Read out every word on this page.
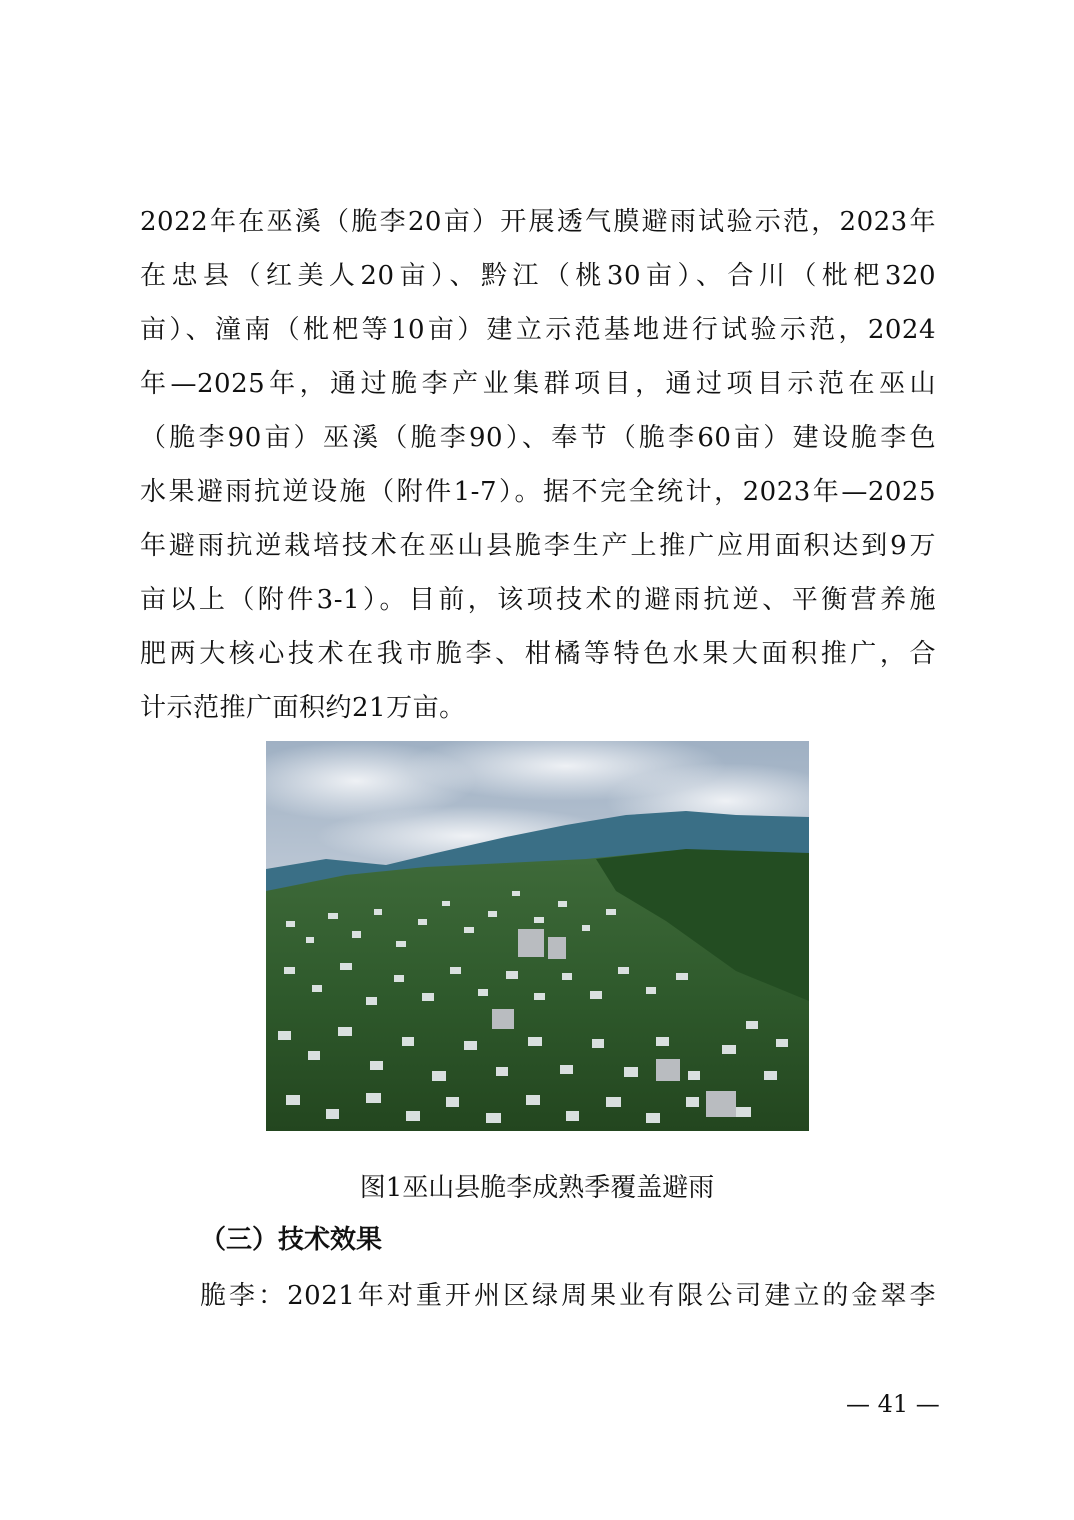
2022年在巫溪（脆李20亩）开展透气膜避雨试验示范，2023年
在忠县（红美人20亩）、黔江（桃30亩）、合川（枇杷320
亩）、潼南（枇杷等10亩）建立示范基地进行试验示范，2024
年—2025年，通过脆李产业集群项目，通过项目示范在巫山
（脆李90亩）巫溪（脆李90）、奉节（脆李60亩）建设脆李色
水果避雨抗逆设施（附件1-7）。据不完全统计，2023年—2025
年避雨抗逆栽培技术在巫山县脆李生产上推广应用面积达到9万
亩以上（附件3-1）。目前，该项技术的避雨抗逆、平衡营养施
肥两大核心技术在我市脆李、柑橘等特色水果大面积推广，合
计示范推广面积约21万亩。
图1巫山县脆李成熟季覆盖避雨
（三）技术效果
脆李：2021年对重开州区绿周果业有限公司建立的金翠李
— 41 —
